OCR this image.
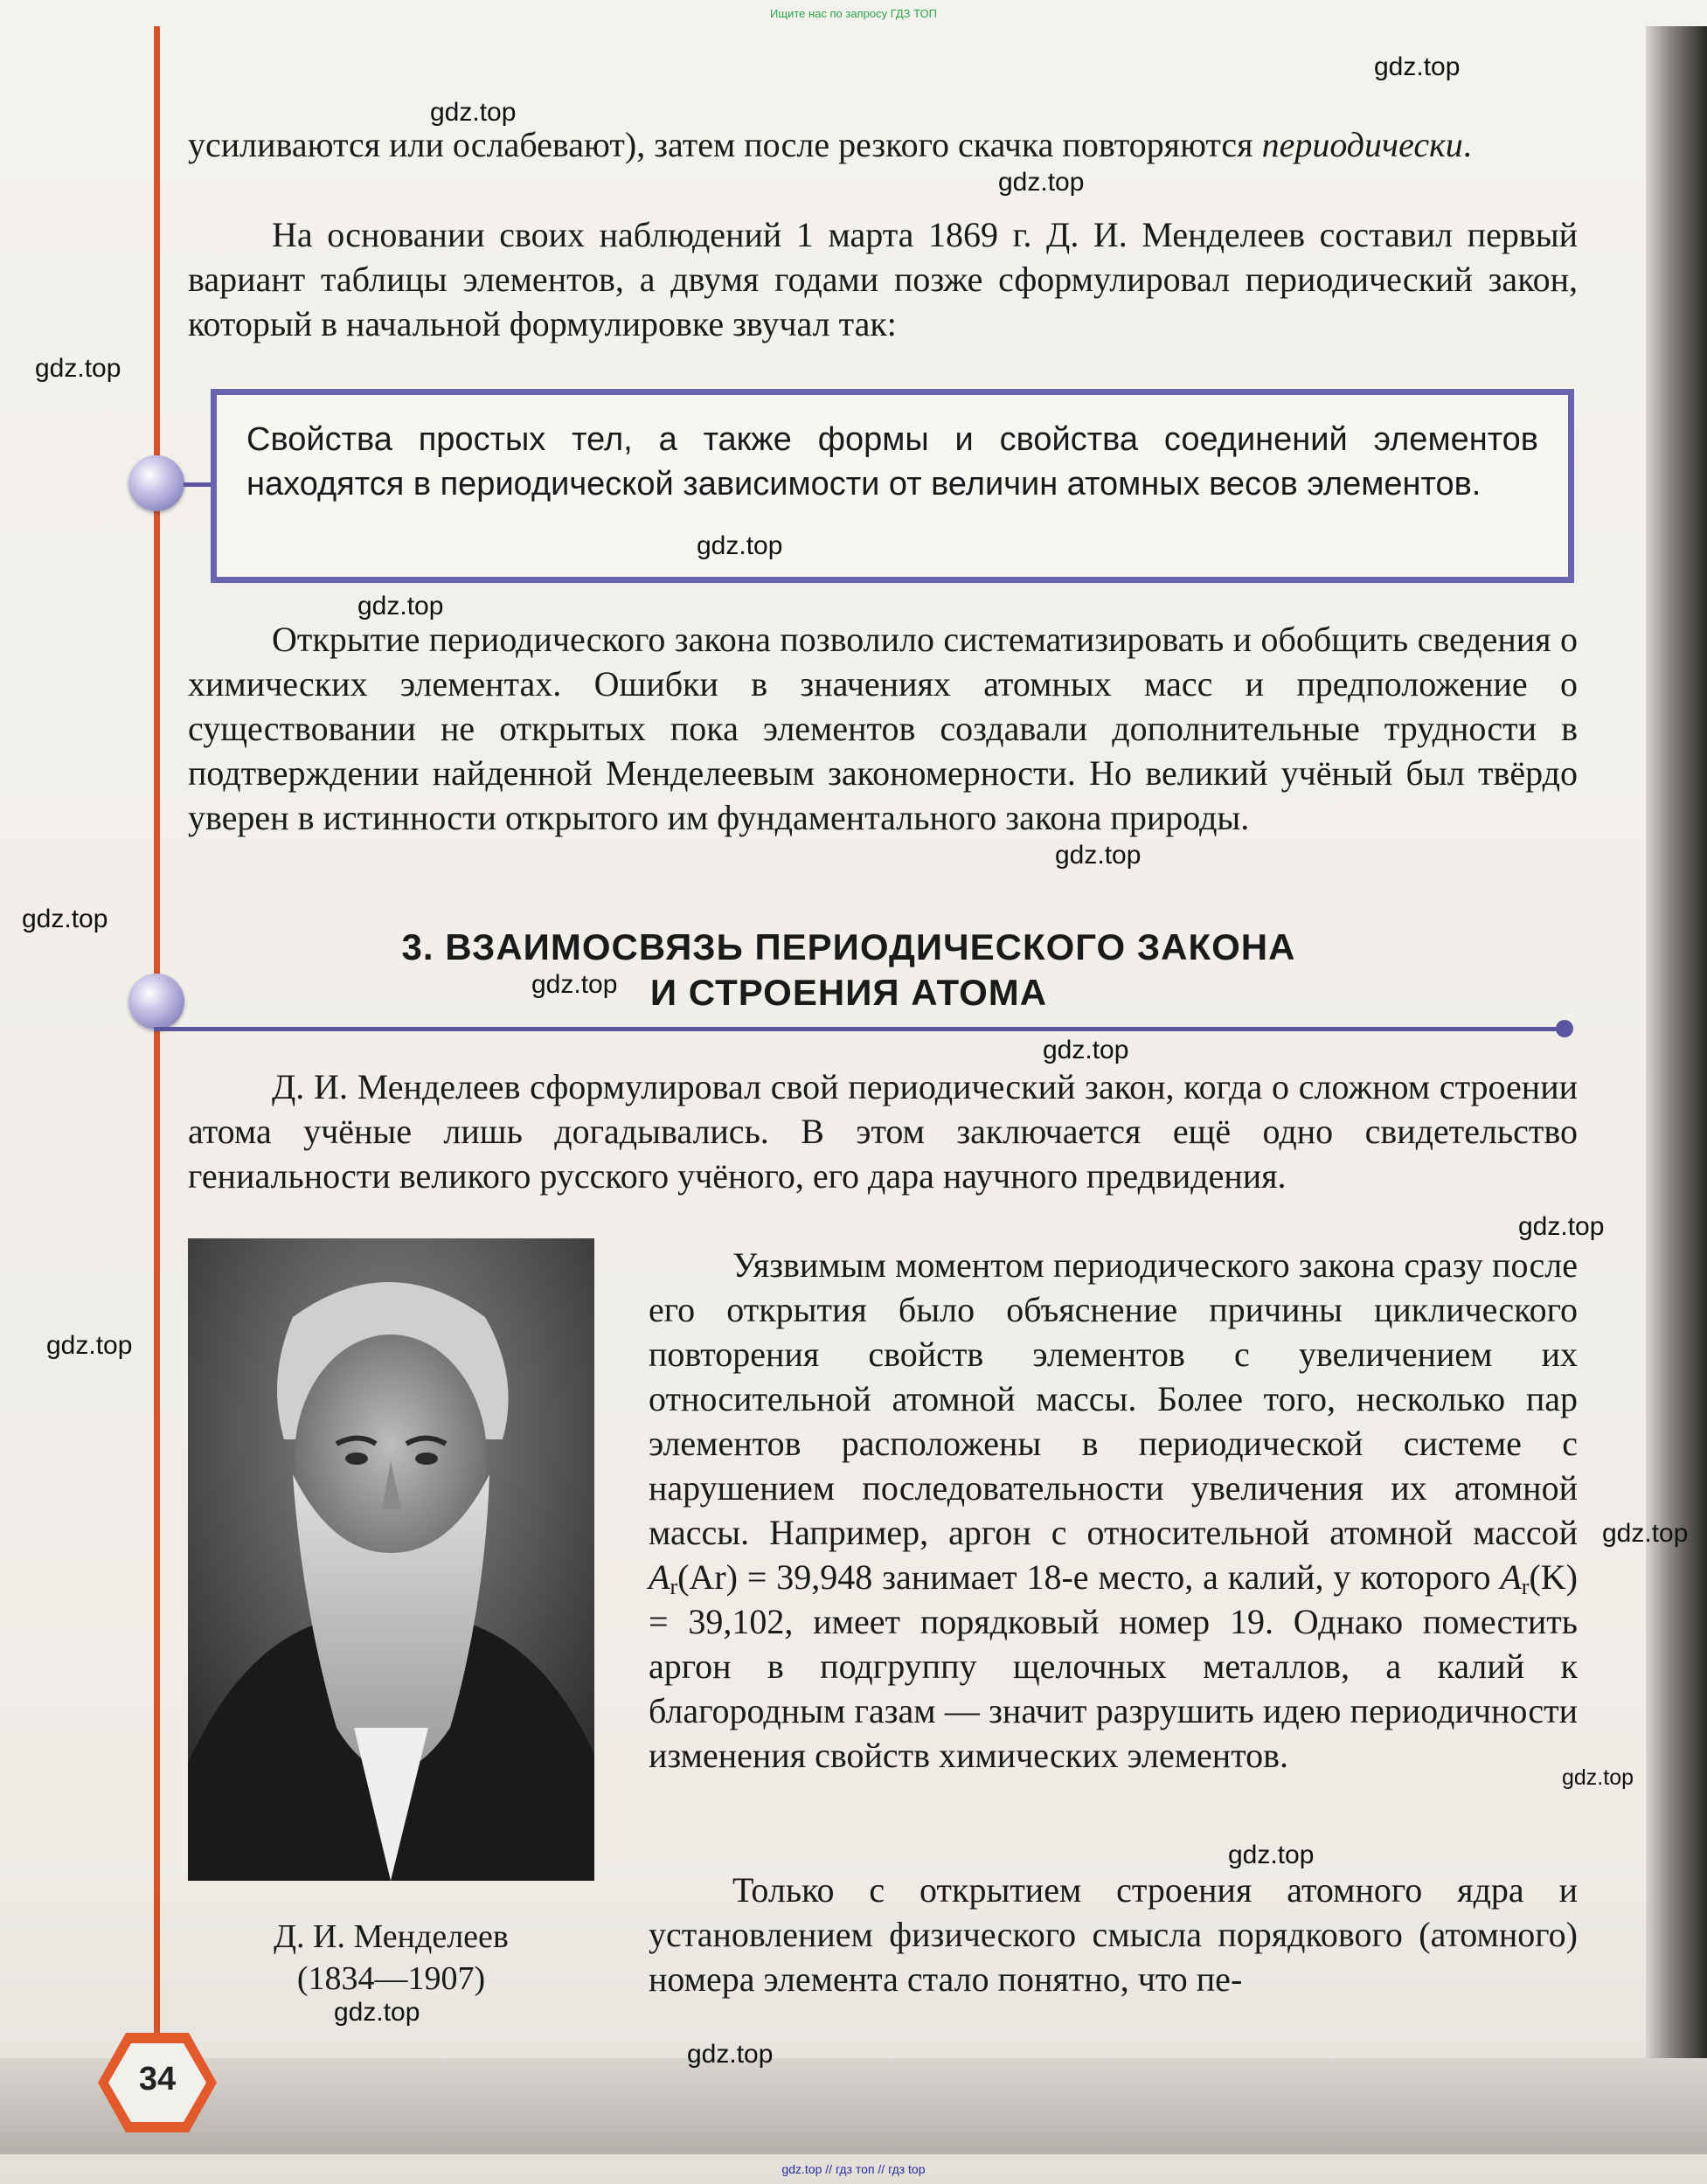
Ищите нас по запросу ГДЗ ТОП

усиливаются или ослабевают), затем после резкого скачка повторяются периодически.

На основании своих наблюдений 1 марта 1869 г. Д. И. Менделеев составил первый вариант таблицы элементов, а двумя годами позже сформулировал периодический закон, который в начальной формулировке звучал так:
Свойства простых тел, а также формы и свойства соединений элементов находятся в периодической зависимости от величин атомных весов элементов.
Открытие периодического закона позволило систематизировать и обобщить сведения о химических элементах. Ошибки в значениях атомных масс и предположение о существовании не открытых пока элементов создавали дополнительные трудности в подтверждении найденной Менделеевым закономерности. Но великий учёный был твёрдо уверен в истинности открытого им фундаментального закона природы.
3. ВЗАИМОСВЯЗЬ ПЕРИОДИЧЕСКОГО ЗАКОНА
И СТРОЕНИЯ АТОМА
Д. И. Менделеев сформулировал свой периодический закон, когда о сложном строении атома учёные лишь догадывались. В этом заключается ещё одно свидетельство гениальности великого русского учёного, его дара научного предвидения.
Уязвимым моментом периодического закона сразу после его открытия было объяснение причины циклического повторения свойств элементов с увеличением их относительной атомной массы. Более того, несколько пар элементов расположены в периодической системе с нарушением последовательности увеличения их атомной массы. Например, аргон с относительной атомной массой $A_r(Ar) = 39,948$ занимает 18-е место, а калий, у которого $A_r(K) = 39,102$, имеет порядковый номер 19. Однако поместить аргон в подгруппу щелочных металлов, а калий к благородным газам — значит разрушить идею периодичности изменения свойств химических элементов.
Только с открытием строения атомного ядра и установлением физического смысла порядкового (атомного) номера элемента стало понятно, что пе-
Д. И. Менделеев
(1834—1907)
34
gdz.top
gdz.top
gdz.top
gdz.top
gdz.top
gdz.top
gdz.top
gdz.top
gdz.top
gdz.top
gdz.top
gdz.top
gdz.top
gdz.top
gdz.top
gdz.top
gdz.top
gdz.top // гдз топ // гдз top
